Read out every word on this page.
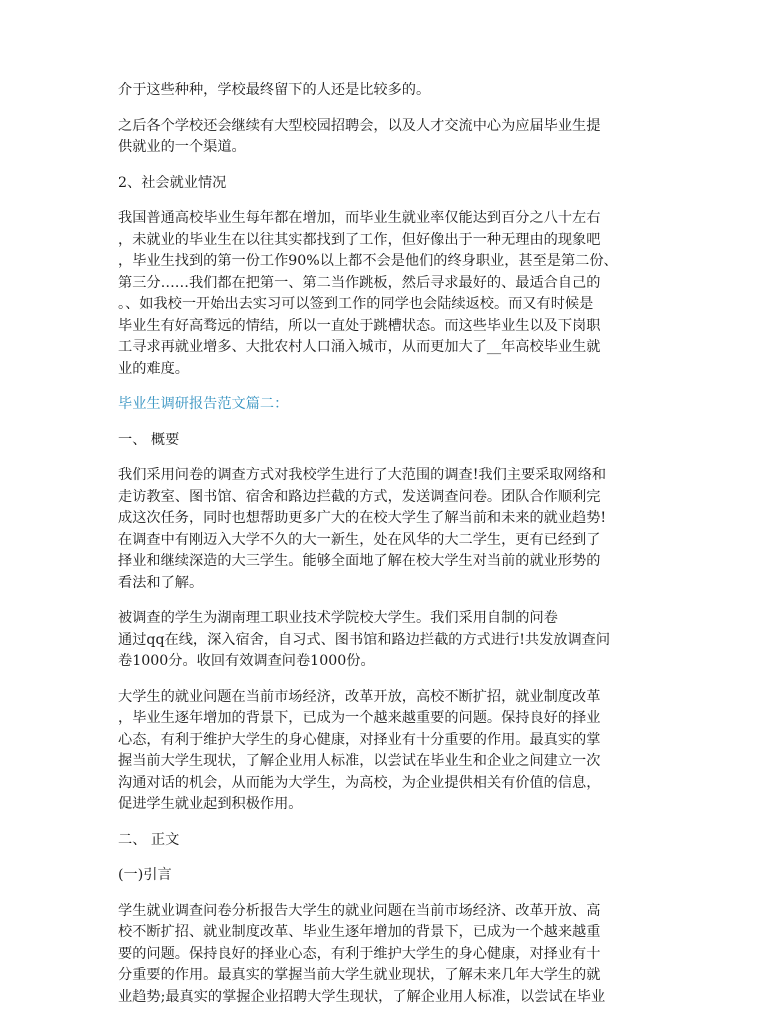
介于这些种种，学校最终留下的人还是比较多的。

之后各个学校还会继续有大型校园招聘会，以及人才交流中心为应届毕业生提
供就业的一个渠道。

2、社会就业情况

我国普通高校毕业生每年都在增加，而毕业生就业率仅能达到百分之八十左右
，未就业的毕业生在以往其实都找到了工作，但好像出于一种无理由的现象吧
，毕业生找到的第一份工作90%以上都不会是他们的终身职业，甚至是第二份、
第三分……我们都在把第一、第二当作跳板，然后寻求最好的、最适合自己的
。、如我校一开始出去实习可以签到工作的同学也会陆续返校。而又有时候是
毕业生有好高骛远的情结，所以一直处于跳槽状态。而这些毕业生以及下岗职
工寻求再就业增多、大批农村人口涌入城市，从而更加大了__年高校毕业生就
业的难度。

毕业生调研报告范文篇二：

一、 概要

我们采用问卷的调查方式对我校学生进行了大范围的调查!我们主要采取网络和
走访教室、图书馆、宿舍和路边拦截的方式，发送调查问卷。团队合作顺利完
成这次任务，同时也想帮助更多广大的在校大学生了解当前和未来的就业趋势!
在调查中有刚迈入大学不久的大一新生，处在风华的大二学生，更有已经到了
择业和继续深造的大三学生。能够全面地了解在校大学生对当前的就业形势的
看法和了解。

被调查的学生为湖南理工职业技术学院校大学生。我们采用自制的问卷
通过qq在线，深入宿舍，自习式、图书馆和路边拦截的方式进行!共发放调查问
卷1000分。收回有效调查问卷1000份。

大学生的就业问题在当前市场经济，改革开放，高校不断扩招，就业制度改革
，毕业生逐年增加的背景下，已成为一个越来越重要的问题。保持良好的择业
心态，有利于维护大学生的身心健康，对择业有十分重要的作用。最真实的掌
握当前大学生现状，了解企业用人标准，以尝试在毕业生和企业之间建立一次
沟通对话的机会，从而能为大学生，为高校，为企业提供相关有价值的信息，
促进学生就业起到积极作用。

二、 正文

(一)引言

学生就业调查问卷分析报告大学生的就业问题在当前市场经济、改革开放、高
校不断扩招、就业制度改革、毕业生逐年增加的背景下，已成为一个越来越重
要的问题。保持良好的择业心态，有利于维护大学生的身心健康，对择业有十
分重要的作用。最真实的掌握当前大学生就业现状，了解未来几年大学生的就
业趋势;最真实的掌握企业招聘大学生现状，了解企业用人标准，以尝试在毕业
